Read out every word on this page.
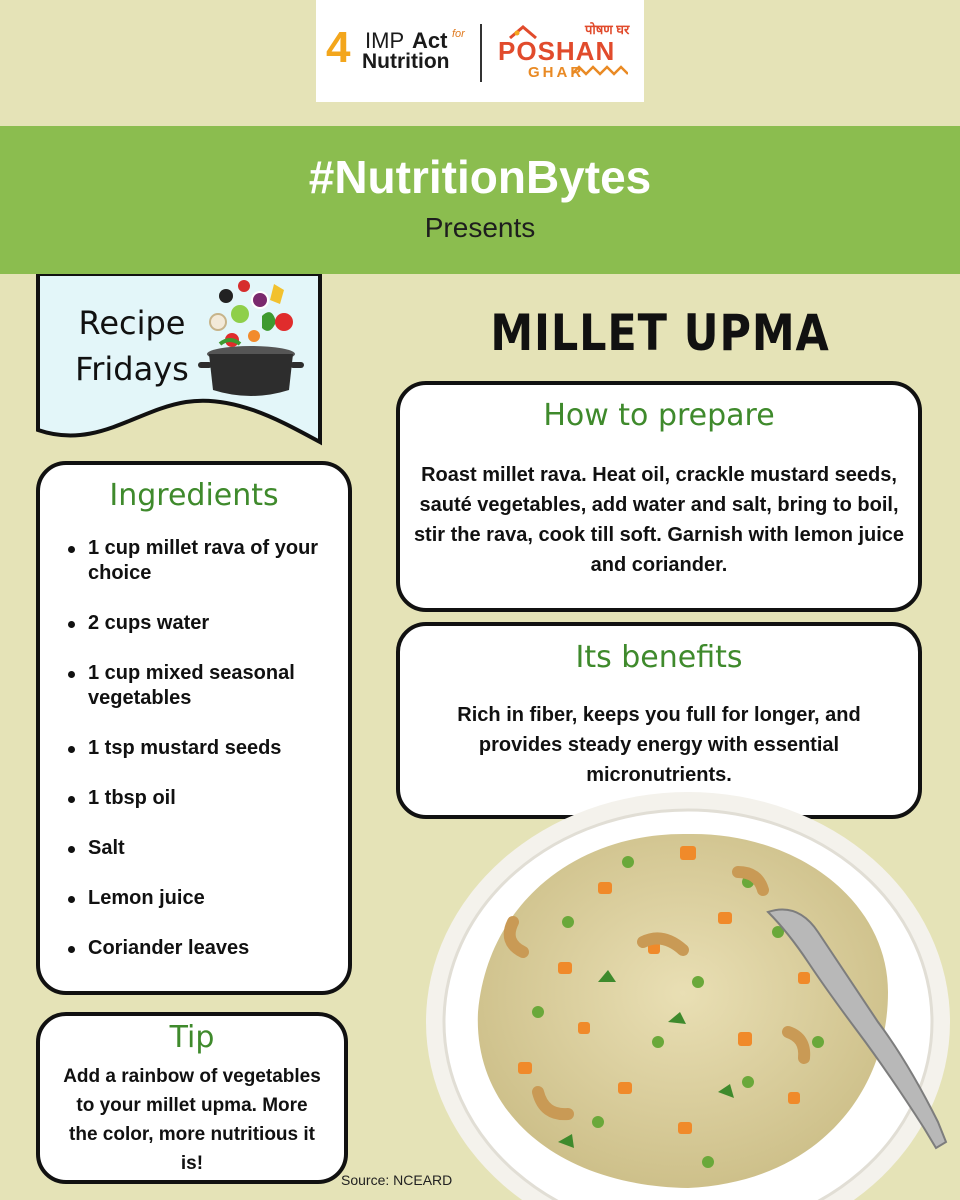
4 IMP Act for
Nutrition
पोषण घर
POSHAN
GHAR
#NutritionBytes
Presents
Recipe
Fridays
MILLET UPMA
How to prepare
Roast millet rava. Heat oil, crackle mustard seeds, sauté vegetables, add water and salt, bring to boil, stir the rava, cook till soft. Garnish with lemon juice and coriander.
Its benefits
Rich in fiber, keeps you full for longer, and provides steady energy with essential micronutrients.
Ingredients
1 cup millet rava of your choice
2 cups water
1 cup mixed seasonal vegetables
1 tsp mustard seeds
1 tbsp oil
Salt
Lemon juice
Coriander leaves
Tip
Add a rainbow of vegetables to your millet upma. More the color, more nutritious it is!
Source: NCEARD
